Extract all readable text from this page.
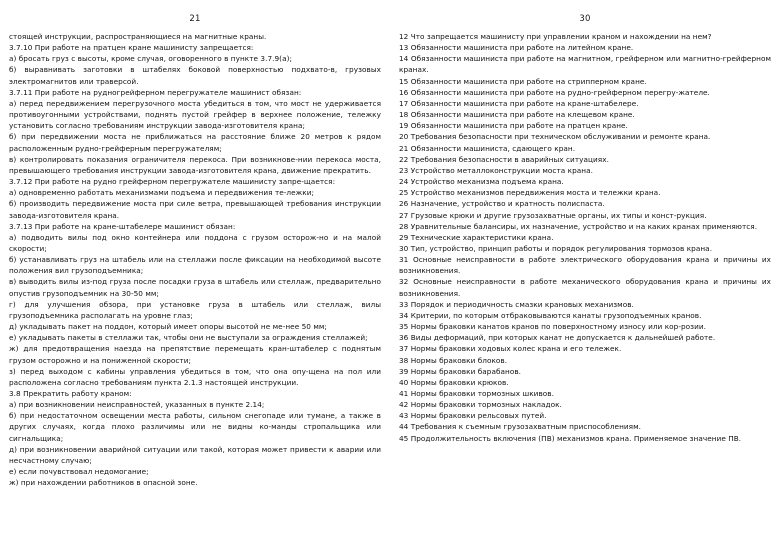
21

стоящей инструкции, распространяющиеся на магнитные краны.

3.7.10 При работе на пратцен кране машинисту запрещается:

а) бросать груз с высоты, кроме случая, оговоренного в пункте 3.7.9(а);

б) выравнивать заготовки в штабелях боковой поверхностью подхвато-в, грузовых электромагнитов или траверсой.

3.7.11 При работе на рудногрейферном перегружателе машинист обязан:

а) перед передвижением перегрузочного моста убедиться в том, что мост не удерживается противоугонными устройствами, поднять пустой грейфер в верхнее положение, тележку установить согласно требованиям инструкции завода-изготовителя крана;

б) при передвижении моста не приближаться на расстояние ближе 20 метров к рядом расположенным рудно-грейферным перегружателям;

в) контролировать показания ограничителя перекоса. При возникнове-нии перекоса моста, превышающего требования инструкции завода-изготовителя крана, движение прекратить.

3.7.12 При работе на рудно грейферном перегружателе машинисту запре-щается:

а) одновременно работать механизмами подъема и передвижения те-лежки;

б) производить передвижение моста при силе ветра, превышающей требования инструкции завода-изготовителя крана.

3.7.13 При работе на кране-штабелере машинист обязан:

а) подводить вилы под окно контейнера или поддона с грузом осторож-но и на малой скорости;

б) устанавливать груз на штабель или на стеллажи после фиксации на необходимой высоте положения вил грузоподъемника;

в) выводить вилы из-под груза после посадки груза в штабель или стеллаж, предварительно опустив грузоподъемник на 30-50 мм;

г) для улучшения обзора, при установке груза в штабель или стеллаж, вилы грузоподъемника располагать на уровне глаз;

д) укладывать пакет на поддон, который имеет опоры высотой не ме-нее 50 мм;

е) укладывать пакеты в стеллажи так, чтобы они не выступали за ограждения стеллажей;

ж) для предотвращения наезда на препятствие перемещать кран-штабелер с поднятым грузом осторожно и на пониженной скорости;

з) перед выходом с кабины управления убедиться в том, что она опу-щена на пол или расположена согласно требованиям пункта 2.1.3 настоящей инструкции.

3.8 Прекратить работу краном:

а) при возникновении неисправностей, указанных в пункте 2.14;

б) при недостаточном освещении места работы, сильном снегопаде или тумане, а также в других случаях, когда плохо различимы или не видны ко-манды стропальщика или сигнальщика;

д) при возникновении аварийной ситуации или такой, которая может привести к аварии или несчастному случаю;

е) если почувствовал недомогание;

ж) при нахождении работников в опасной зоне.

30
12 Что запрещается машинисту при управлении краном и нахождении на нем?
13 Обязанности машиниста при работе на литейном кране.
14 Обязанности машиниста при работе на магнитном, грейферном или магнитно-грейферном кранах.
15 Обязанности машиниста при работе на стрипперном кране.
16 Обязанности машиниста при работе на рудно-грейферном перегру-жателе.
17 Обязанности машиниста при работе на кране-штабелере.
18 Обязанности машиниста при работе на клещевом кране.
19 Обязанности машиниста при работе на пратцен кране.
20 Требования безопасности при техническом обслуживании и ремонте крана.
21 Обязанности машиниста, сдающего кран.
22 Требования безопасности в аварийных ситуациях.
23 Устройство металлоконструкции моста крана.
24 Устройство механизма подъема крана.
25 Устройство механизмов передвижения моста и тележки крана.
26 Назначение, устройство и кратность полиспаста.
27 Грузовые крюки и другие грузозахватные органы, их типы и конст-рукция.
28 Уравнительные балансиры, их назначение, устройство и на каких кранах применяются.
29 Технические характеристики крана.
30 Тип, устройство, принцип работы и порядок регулирования тормозов крана.
31 Основные неисправности в работе электрического оборудования крана и причины их возникновения.
32 Основные неисправности в работе механического оборудования крана и причины их возникновения.
33 Порядок и периодичность смазки крановых механизмов.
34 Критерии, по которым отбраковываются канаты грузоподъемных кранов.
35 Нормы браковки канатов кранов по поверхностному износу или кор-розии.
36 Виды деформаций, при которых канат не допускается к дальнейшей работе.
37 Нормы браковки ходовых колес крана и его тележек.
38 Нормы браковки блоков.
39 Нормы браковки барабанов.
40 Нормы браковки крюков.
41 Нормы браковки тормозных шкивов.
42 Нормы браковки тормозных накладок.
43 Нормы браковки рельсовых путей.
44 Требования к съемным грузозахватным приспособлениям.
45 Продолжительность включения (ПВ) механизмов крана. Применяемое значение ПВ.
